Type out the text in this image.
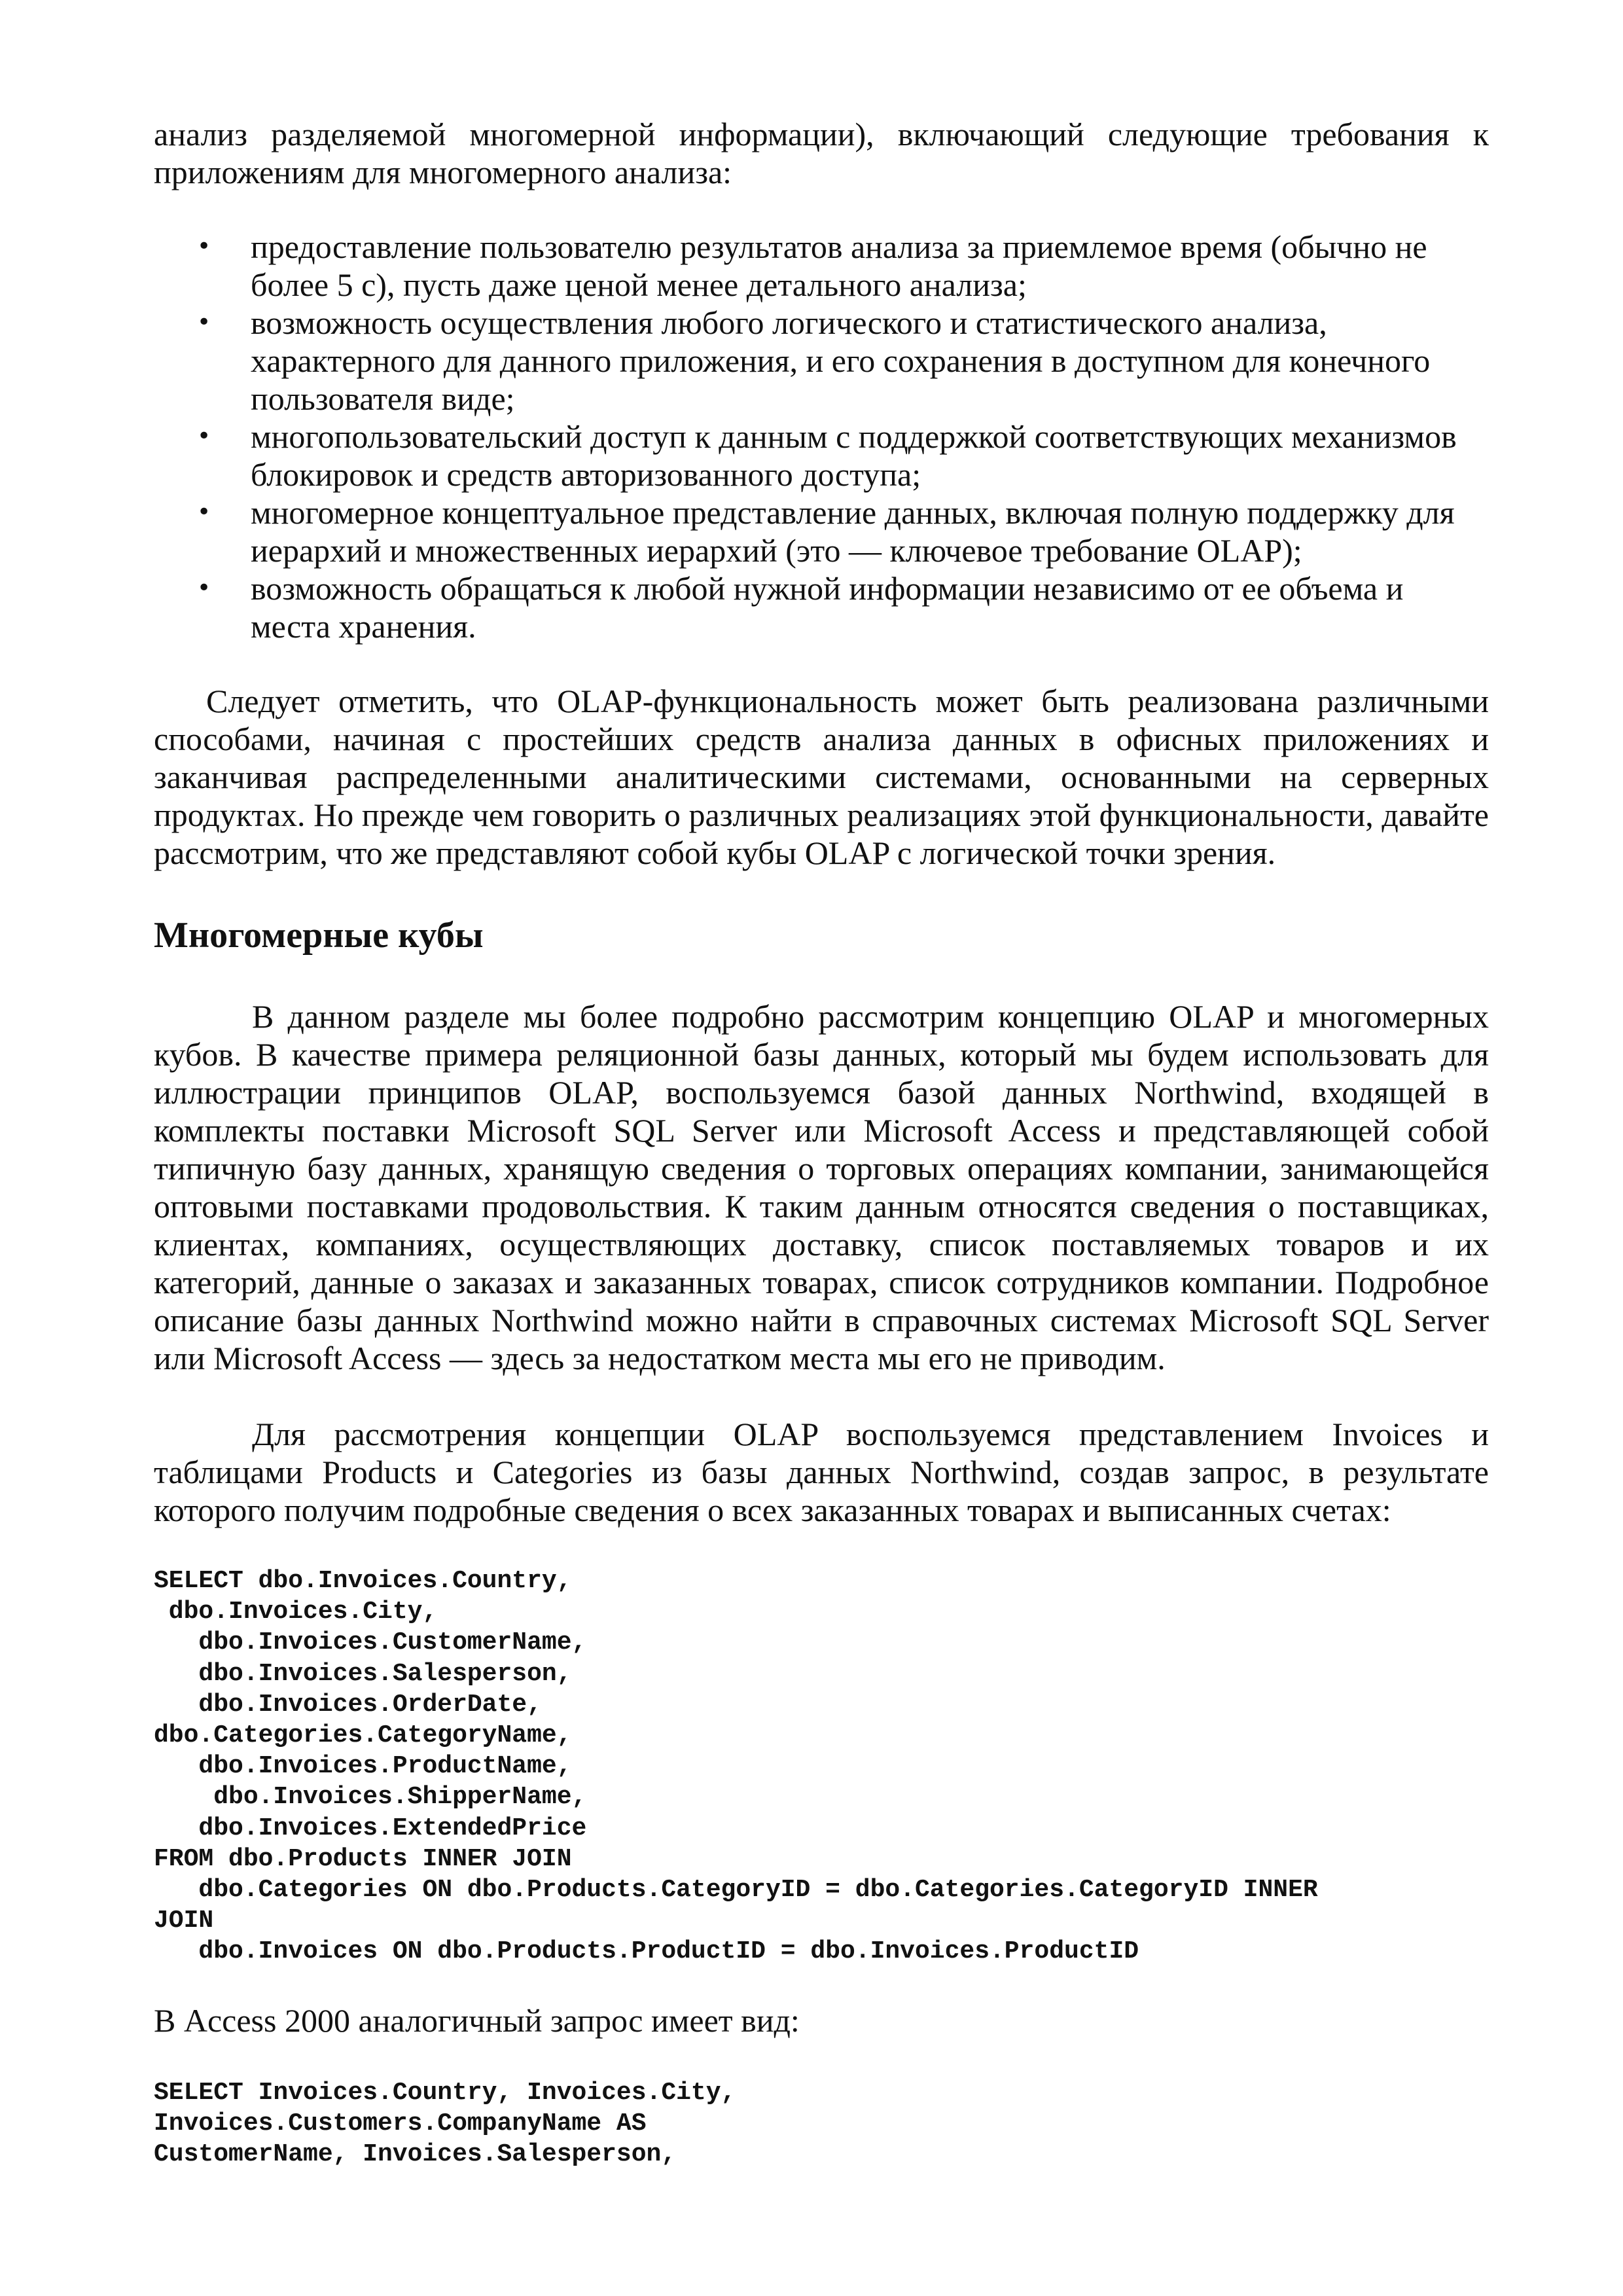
анализ разделяемой многомерной информации), включающий следующие требования к приложениям для многомерного анализа:

• предоставление пользователю результатов анализа за приемлемое время (обычно не более 5 с), пусть даже ценой менее детального анализа;
• возможность осуществления любого логического и статистического анализа, характерного для данного приложения, и его сохранения в доступном для конечного пользователя виде;
• многопользовательский доступ к данным с поддержкой соответствующих механизмов блокировок и средств авторизованного доступа;
• многомерное концептуальное представление данных, включая полную поддержку для иерархий и множественных иерархий (это — ключевое требование OLAP);
• возможность обращаться к любой нужной информации независимо от ее объема и места хранения.

Следует отметить, что OLAP-функциональность может быть реализована различными способами, начиная с простейших средств анализа данных в офисных приложениях и заканчивая распределенными аналитическими системами, основанными на серверных продуктах. Но прежде чем говорить о различных реализациях этой функциональности, давайте рассмотрим, что же представляют собой кубы OLAP с логической точки зрения.

Многомерные кубы

В данном разделе мы более подробно рассмотрим концепцию OLAP и многомерных кубов. В качестве примера реляционной базы данных, который мы будем использовать для иллюстрации принципов OLAP, воспользуемся базой данных Northwind, входящей в комплекты поставки Microsoft SQL Server или Microsoft Access и представляющей собой типичную базу данных, хранящую сведения о торговых операциях компании, занимающейся оптовыми поставками продовольствия. К таким данным относятся сведения о поставщиках, клиентах, компаниях, осуществляющих доставку, список поставляемых товаров и их категорий, данные о заказах и заказанных товарах, список сотрудников компании. Подробное описание базы данных Northwind можно найти в справочных системах Microsoft SQL Server или Microsoft Access — здесь за недостатком места мы его не приводим.

Для рассмотрения концепции OLAP воспользуемся представлением Invoices и таблицами Products и Categories из базы данных Northwind, создав запрос, в результате которого получим подробные сведения о всех заказанных товарах и выписанных счетах:

SELECT dbo.Invoices.Country,
dbo.Invoices.City,
dbo.Invoices.CustomerName,
dbo.Invoices.Salesperson,
dbo.Invoices.OrderDate,
dbo.Categories.CategoryName,
dbo.Invoices.ProductName,
dbo.Invoices.ShipperName,
dbo.Invoices.ExtendedPrice
FROM dbo.Products INNER JOIN
dbo.Categories ON dbo.Products.CategoryID = dbo.Categories.CategoryID INNER
JOIN
dbo.Invoices ON dbo.Products.ProductID = dbo.Invoices.ProductID

В Access 2000 аналогичный запрос имеет вид:

SELECT Invoices.Country, Invoices.City,
Invoices.Customers.CompanyName AS
CustomerName, Invoices.Salesperson,
